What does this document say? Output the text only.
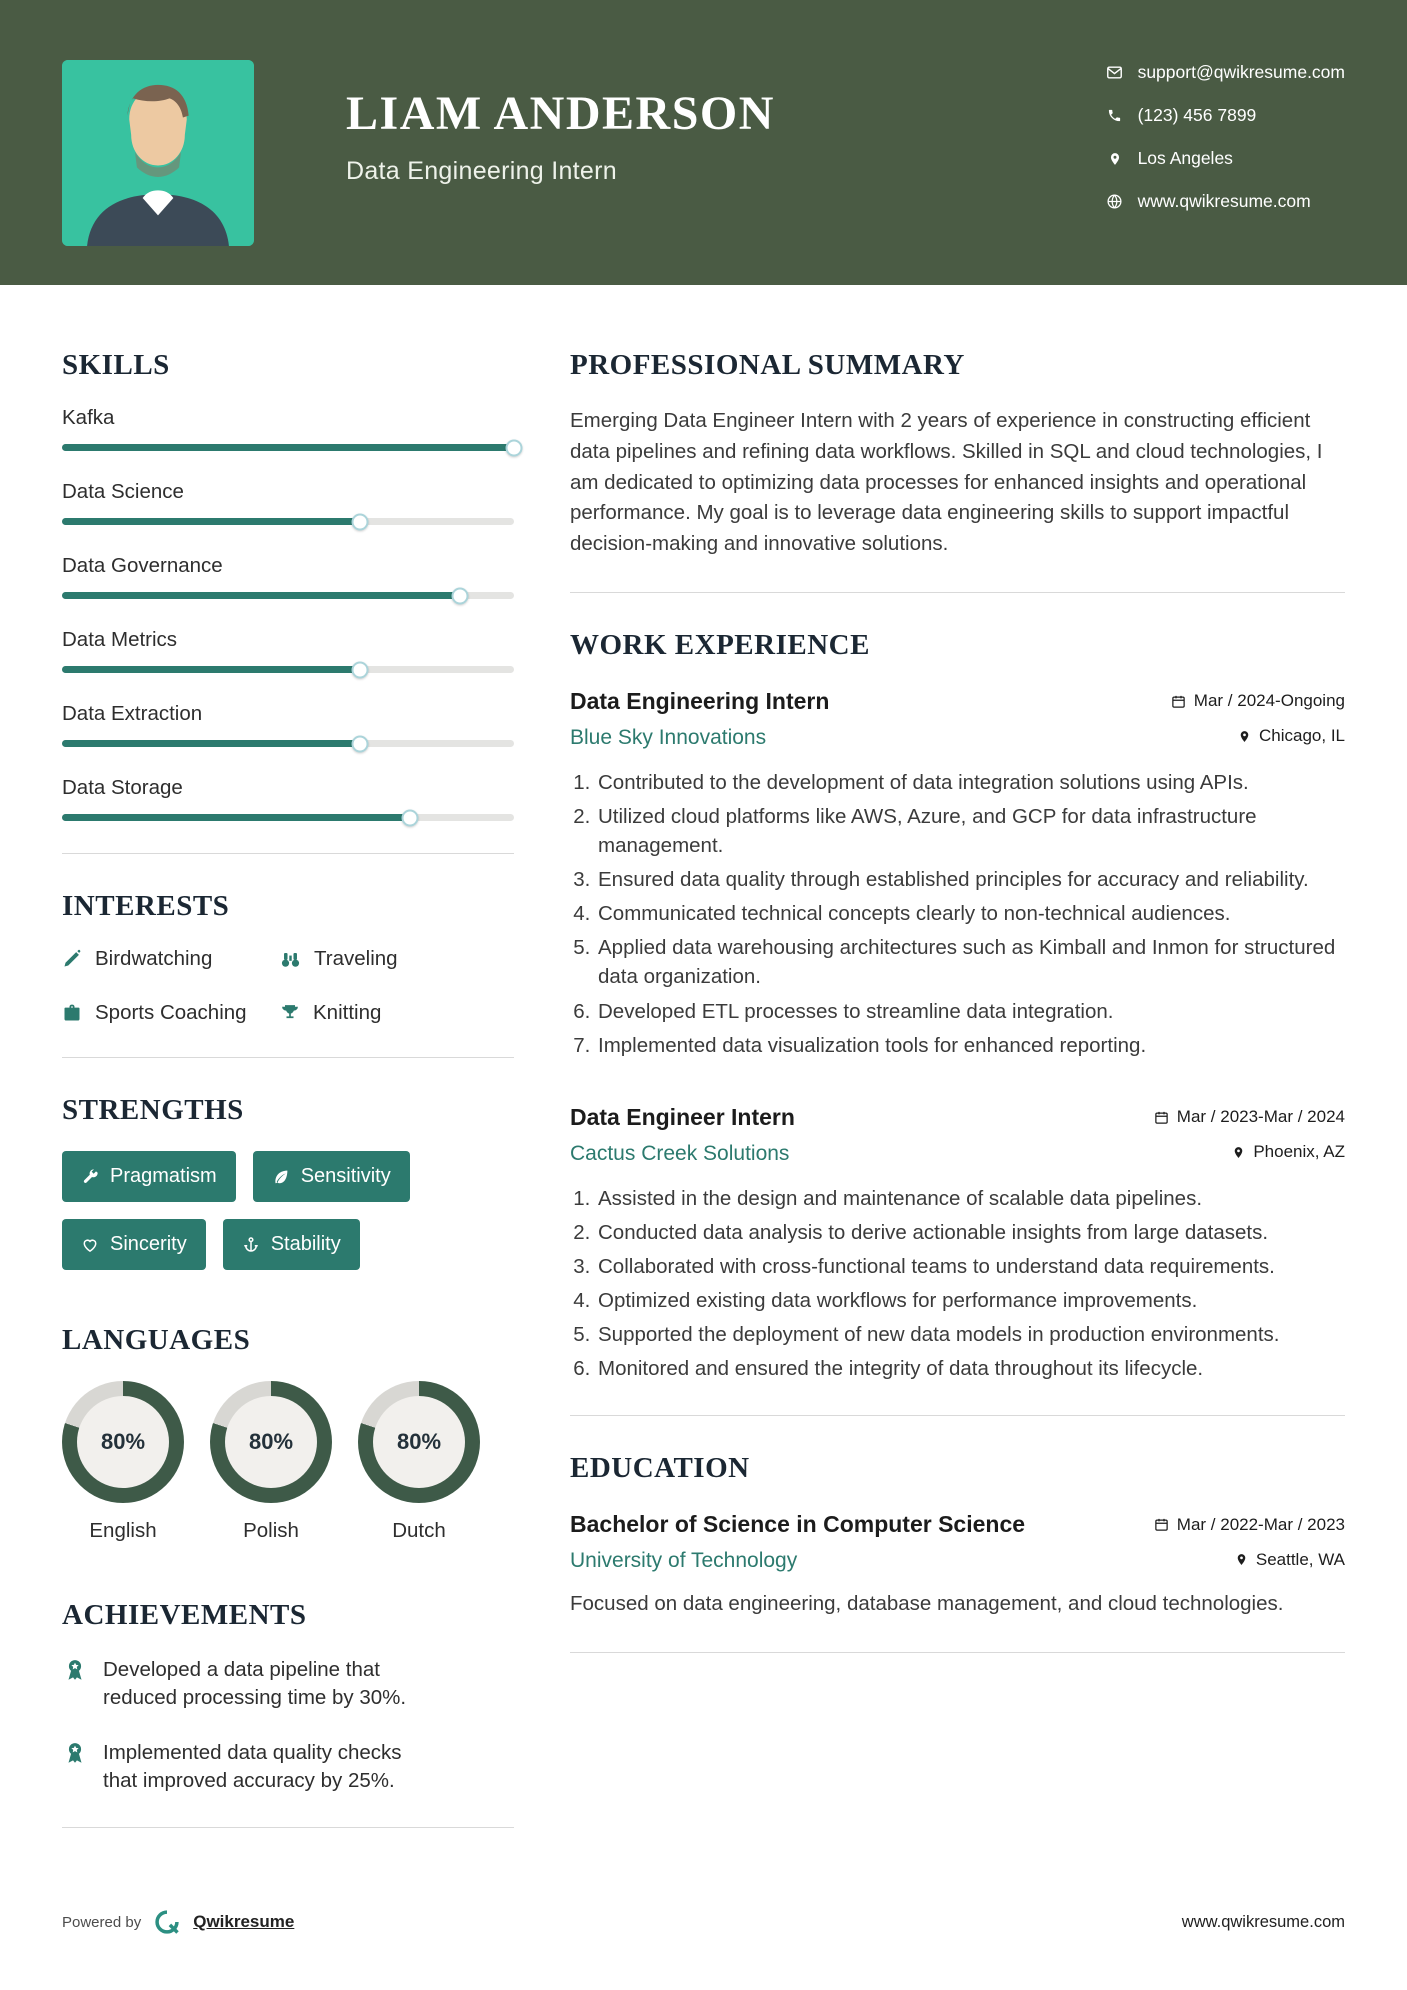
LIAM ANDERSON
Data Engineering Intern
support@qwikresume.com
(123) 456 7899
Los Angeles
www.qwikresume.com
SKILLS
Kafka
Data Science
Data Governance
Data Metrics
Data Extraction
Data Storage
INTERESTS
Birdwatching	Traveling
Sports Coaching	Knitting
STRENGTHS
Pragmatism	Sensitivity
Sincerity	Stability
LANGUAGES
80%
English
80%
Polish
80%
Dutch
ACHIEVEMENTS
Developed a data pipeline that reduced processing time by 30%.
Implemented data quality checks that improved accuracy by 25%.
PROFESSIONAL SUMMARY

Emerging Data Engineer Intern with 2 years of experience in constructing efficient data pipelines and refining data workflows. Skilled in SQL and cloud technologies, I am dedicated to optimizing data processes for enhanced insights and operational performance. My goal is to leverage data engineering skills to support impactful decision-making and innovative solutions.

WORK EXPERIENCE
Data Engineering Intern	Mar / 2024-Ongoing
Blue Sky Innovations	Chicago, IL
1. Contributed to the development of data integration solutions using APIs.
2. Utilized cloud platforms like AWS, Azure, and GCP for data infrastructure management.
3. Ensured data quality through established principles for accuracy and reliability.
4. Communicated technical concepts clearly to non-technical audiences.
5. Applied data warehousing architectures such as Kimball and Inmon for structured data organization.
6. Developed ETL processes to streamline data integration.
7. Implemented data visualization tools for enhanced reporting.
Data Engineer Intern	Mar / 2023-Mar / 2024
Cactus Creek Solutions	Phoenix, AZ
1. Assisted in the design and maintenance of scalable data pipelines.
2. Conducted data analysis to derive actionable insights from large datasets.
3. Collaborated with cross-functional teams to understand data requirements.
4. Optimized existing data workflows for performance improvements.
5. Supported the deployment of new data models in production environments.
6. Monitored and ensured the integrity of data throughout its lifecycle.
EDUCATION
Bachelor of Science in Computer Science	Mar / 2022-Mar / 2023
University of Technology	Seattle, WA

Focused on data engineering, database management, and cloud technologies.

Powered by	Qwikresume	www.qwikresume.com
